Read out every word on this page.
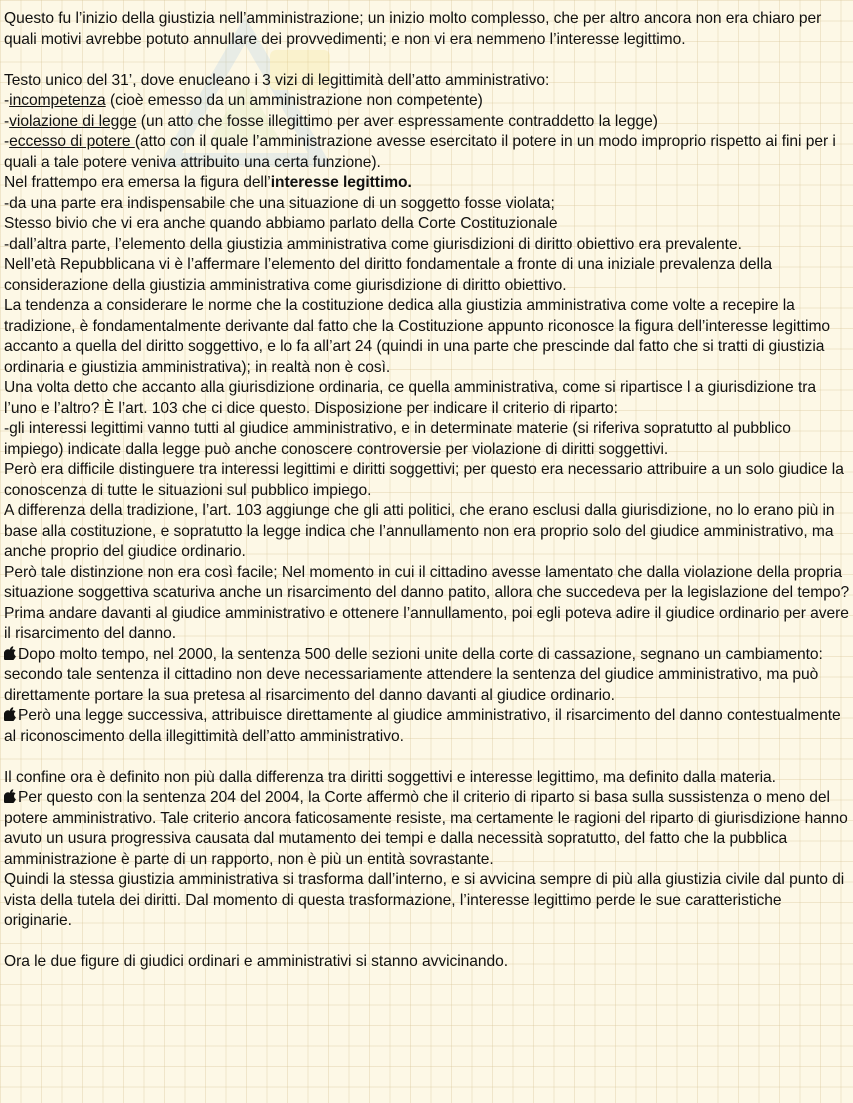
Questo fu l’inizio della giustizia nell’amministrazione; un inizio molto complesso, che per altro ancora non era chiaro per quali motivi avrebbe potuto annullare dei provvedimenti; e non vi era nemmeno l’interesse legittimo.

Testo unico del 31’, dove enucleano i 3 vizi di legittimità dell’atto amministrativo:

-incompetenza (cioè emesso da un amministrazione non competente)

-violazione di legge (un atto che fosse illegittimo per aver espressamente contraddetto la legge)

-eccesso di potere (atto con il quale l’amministrazione avesse esercitato il potere in un modo improprio rispetto ai fini per i quali a tale potere veniva attribuito una certa funzione).

Nel frattempo era emersa la figura dell’interesse legittimo.

-da una parte era indispensabile che una situazione di un soggetto fosse violata;

Stesso bivio che vi era anche quando abbiamo parlato della Corte Costituzionale

-dall’altra parte, l’elemento della giustizia amministrativa come giurisdizioni di diritto obiettivo era prevalente.

Nell’età Repubblicana vi è l’affermare l’elemento del diritto fondamentale a fronte di una iniziale prevalenza della considerazione della giustizia amministrativa come giurisdizione di diritto obiettivo.

La tendenza a considerare le norme che la costituzione dedica alla giustizia amministrativa come volte a recepire la tradizione, è fondamentalmente derivante dal fatto che la Costituzione appunto riconosce la figura dell’interesse legittimo accanto a quella del diritto soggettivo, e lo fa all’art 24 (quindi in una parte che prescinde dal fatto che si tratti di giustizia ordinaria e giustizia amministrativa); in realtà non è così.

Una volta detto che accanto alla giurisdizione ordinaria, ce quella amministrativa, come si ripartisce l a giurisdizione tra l’uno e l’altro? È l’art. 103 che ci dice questo. Disposizione per indicare il criterio di riparto:

-gli interessi legittimi vanno tutti al giudice amministrativo, e in determinate materie (si riferiva sopratutto al pubblico impiego) indicate dalla legge può anche conoscere controversie per violazione di diritti soggettivi.

Però era difficile distinguere tra interessi legittimi e diritti soggettivi; per questo era necessario attribuire a un solo giudice la conoscenza di tutte le situazioni sul pubblico impiego.

A differenza della tradizione, l’art. 103 aggiunge che gli atti politici, che erano esclusi dalla giurisdizione, no lo erano più in base alla costituzione, e sopratutto la legge indica che l’annullamento non era proprio solo del giudice amministrativo, ma anche proprio del giudice ordinario.

Però tale distinzione non era così facile; Nel momento in cui il cittadino avesse lamentato che dalla violazione della propria situazione soggettiva scaturiva anche un risarcimento del danno patito, allora che succedeva per la legislazione del tempo? Prima andare davanti al giudice amministrativo e ottenere l’annullamento, poi egli poteva adire il giudice ordinario per avere il risarcimento del danno.

Dopo molto tempo, nel 2000, la sentenza 500 delle sezioni unite della corte di cassazione, segnano un cambiamento: secondo tale sentenza il cittadino non deve necessariamente attendere la sentenza del giudice amministrativo, ma può direttamente portare la sua pretesa al risarcimento del danno davanti al giudice ordinario.

Però una legge successiva, attribuisce direttamente al giudice amministrativo, il risarcimento del danno contestualmente al riconoscimento della illegittimità dell’atto amministrativo.

Il confine ora è definito non più dalla differenza tra diritti soggettivi e interesse legittimo, ma definito dalla materia.

Per questo con la sentenza 204 del 2004, la Corte affermò che il criterio di riparto si basa sulla sussistenza o meno del potere amministrativo. Tale criterio ancora faticosamente resiste, ma certamente le ragioni del riparto di giurisdizione hanno avuto un usura progressiva causata dal mutamento dei tempi e dalla necessità sopratutto, del fatto che la pubblica amministrazione è parte di un rapporto, non è più un entità sovrastante.

Quindi la stessa giustizia amministrativa si trasforma dall’interno, e si avvicina sempre di più alla giustizia civile dal punto di vista della tutela dei diritti. Dal momento di questa trasformazione, l’interesse legittimo perde le sue caratteristiche originarie.

Ora le due figure di giudici ordinari e amministrativi si stanno avvicinando.
